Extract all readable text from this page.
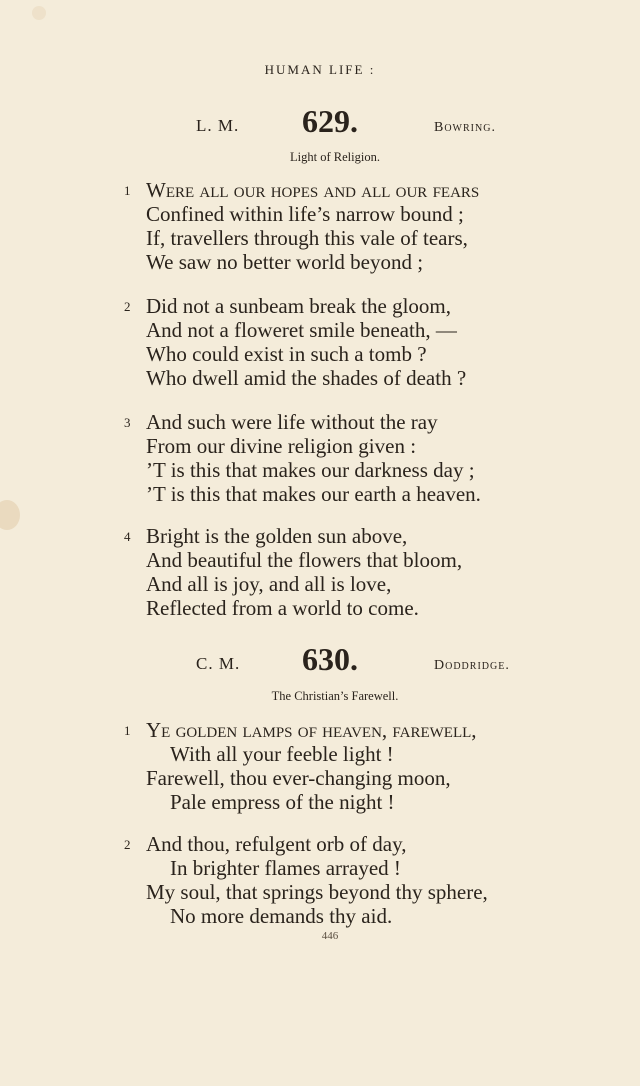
HUMAN LIFE :
L. M.	629.	Bowring.
Light of Religion.
1 Were all our hopes and all our fears
Confined within life’s narrow bound ;
If, travellers through this vale of tears,
We saw no better world beyond ;
2 Did not a sunbeam break the gloom,
And not a floweret smile beneath, —
Who could exist in such a tomb ?
Who dwell amid the shades of death ?
3 And such were life without the ray
From our divine religion given :
’T is this that makes our darkness day ;
’T is this that makes our earth a heaven.
4 Bright is the golden sun above,
And beautiful the flowers that bloom,
And all is joy, and all is love,
Reflected from a world to come.
C. M.	630.	Doddridge.
The Christian’s Farewell.
1 Ye golden lamps of heaven, farewell,
With all your feeble light !
Farewell, thou ever-changing moon,
Pale empress of the night !
2 And thou, refulgent orb of day,
In brighter flames arrayed !
My soul, that springs beyond thy sphere,
No more demands thy aid.
446
